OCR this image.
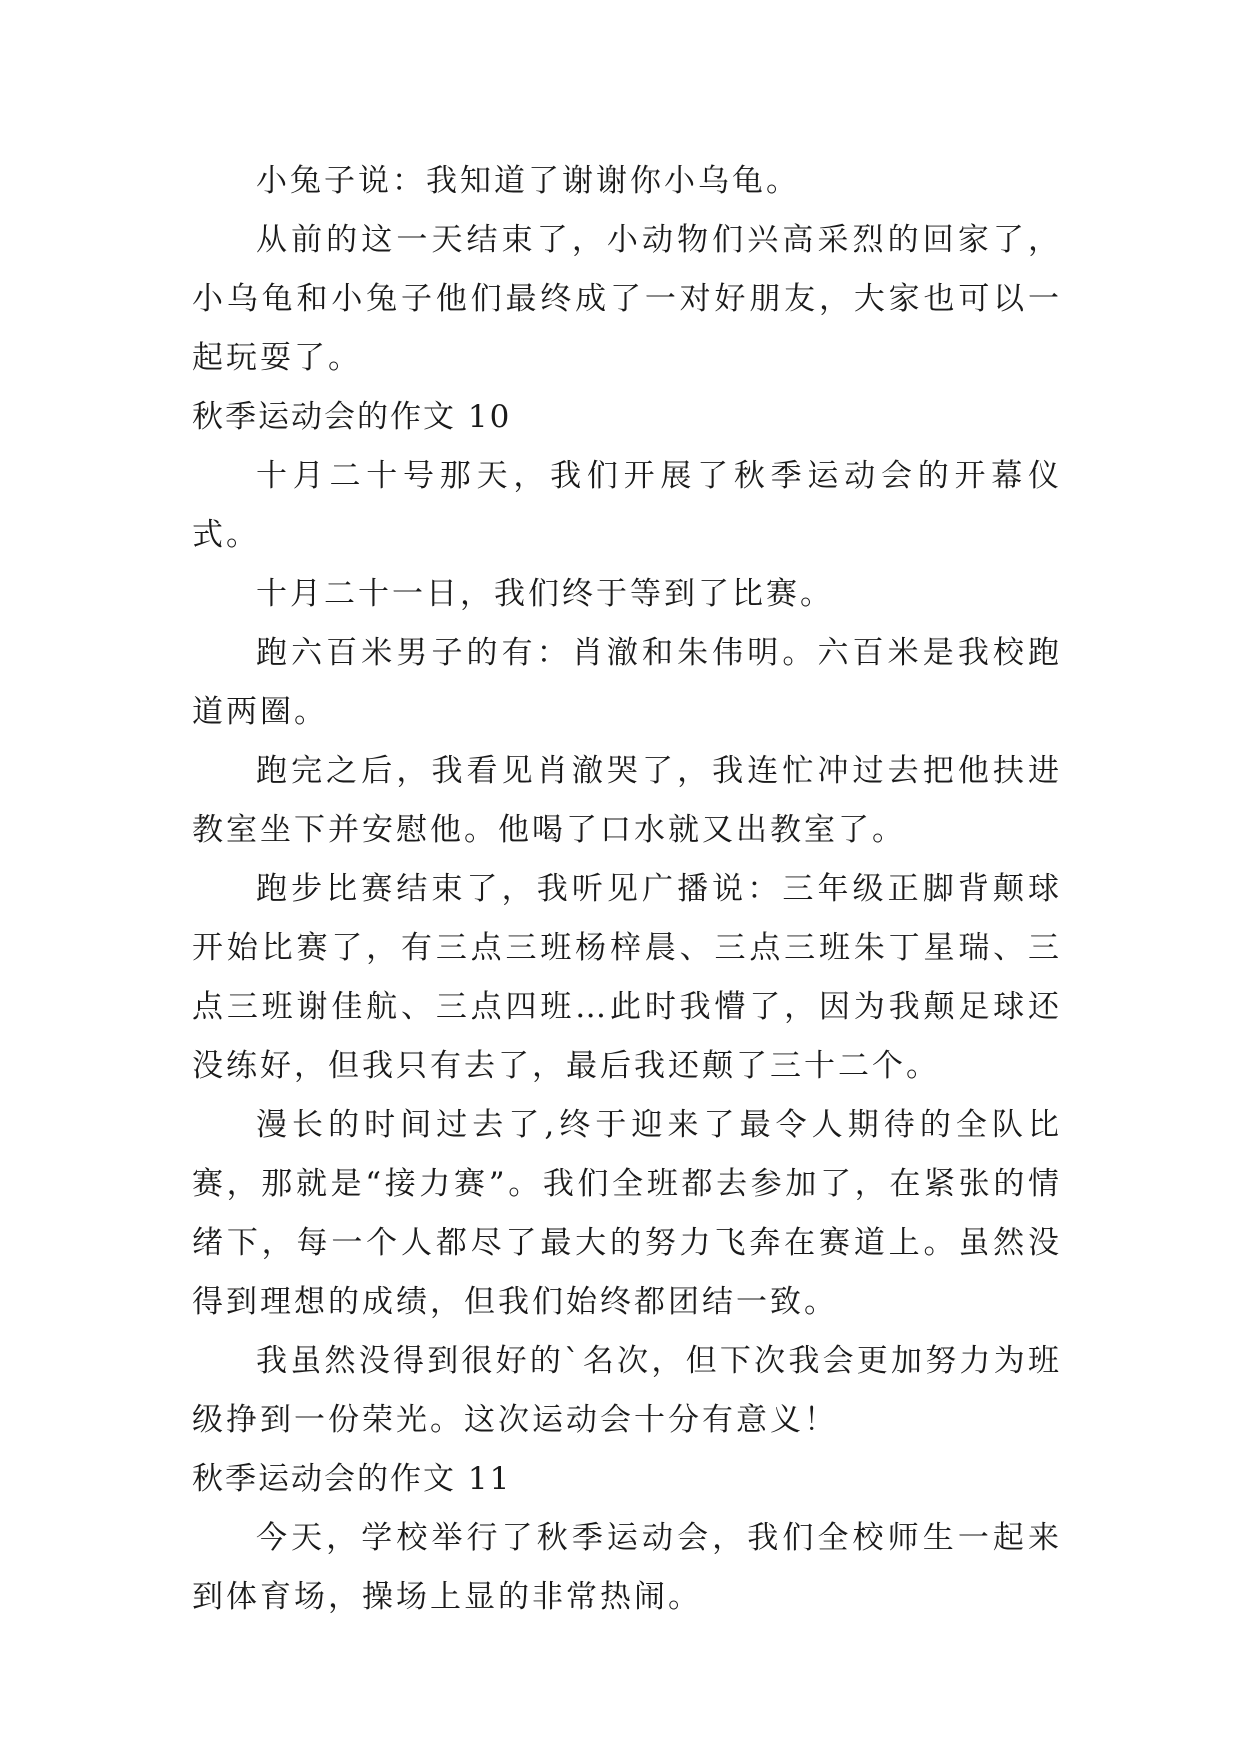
小兔子说：我知道了谢谢你小乌龟。

从前的这一天结束了，小动物们兴高采烈的回家了，小乌龟和小兔子他们最终成了一对好朋友，大家也可以一起玩耍了。

秋季运动会的作文 10

十月二十号那天，我们开展了秋季运动会的开幕仪式。

十月二十一日，我们终于等到了比赛。

跑六百米男子的有：肖澈和朱伟明。六百米是我校跑道两圈。

跑完之后，我看见肖澈哭了，我连忙冲过去把他扶进教室坐下并安慰他。他喝了口水就又出教室了。

跑步比赛结束了，我听见广播说：三年级正脚背颠球开始比赛了，有三点三班杨梓晨、三点三班朱丁星瑞、三点三班谢佳航、三点四班…此时我懵了，因为我颠足球还没练好，但我只有去了，最后我还颠了三十二个。

漫长的时间过去了,终于迎来了最令人期待的全队比赛，那就是“接力赛”。我们全班都去参加了，在紧张的情绪下，每一个人都尽了最大的努力飞奔在赛道上。虽然没得到理想的成绩，但我们始终都团结一致。

我虽然没得到很好的`名次，但下次我会更加努力为班级挣到一份荣光。这次运动会十分有意义！

秋季运动会的作文 11

今天，学校举行了秋季运动会，我们全校师生一起来到体育场，操场上显的非常热闹。
